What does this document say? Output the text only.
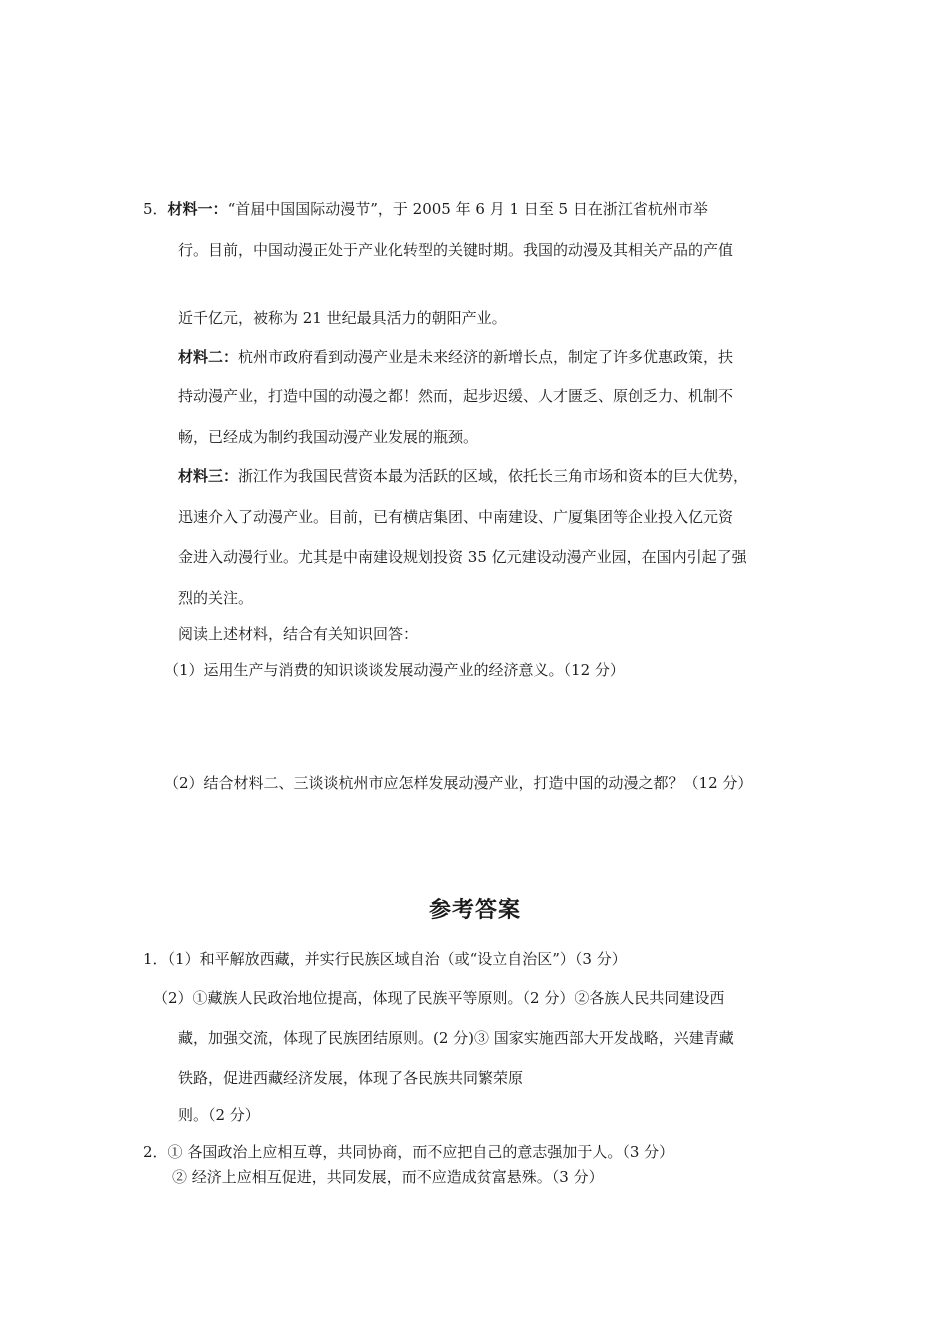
5．材料一：“首届中国国际动漫节”，于 2005 年 6 月 1 日至 5 日在浙江省杭州市举
行。目前，中国动漫正处于产业化转型的关键时期。我国的动漫及其相关产品的产值
近千亿元，被称为 21 世纪最具活力的朝阳产业。
材料二：杭州市政府看到动漫产业是未来经济的新增长点，制定了许多优惠政策，扶
持动漫产业，打造中国的动漫之都！然而，起步迟缓、人才匮乏、原创乏力、机制不
畅，已经成为制约我国动漫产业发展的瓶颈。
材料三：浙江作为我国民营资本最为活跃的区域，依托长三角市场和资本的巨大优势，
迅速介入了动漫产业。目前，已有横店集团、中南建设、广厦集团等企业投入亿元资
金进入动漫行业。尤其是中南建设规划投资 35 亿元建设动漫产业园，在国内引起了强
烈的关注。
阅读上述材料，结合有关知识回答：
（1）运用生产与消费的知识谈谈发展动漫产业的经济意义。（12 分）
（2）结合材料二、三谈谈杭州市应怎样发展动漫产业，打造中国的动漫之都？（12 分）
参考答案
1．（1）和平解放西藏，并实行民族区域自治（或“设立自治区”）（3 分）
（2）①藏族人民政治地位提高，体现了民族平等原则。（2 分）②各族人民共同建设西
藏，加强交流，体现了民族团结原则。(2 分)③ 国家实施西部大开发战略，兴建青藏
铁路，促进西藏经济发展，体现了各民族共同繁荣原
则。（2 分）
2．① 各国政治上应相互尊，共同协商，而不应把自己的意志强加于人。（3 分）
② 经济上应相互促进，共同发展，而不应造成贫富悬殊。（3 分）
